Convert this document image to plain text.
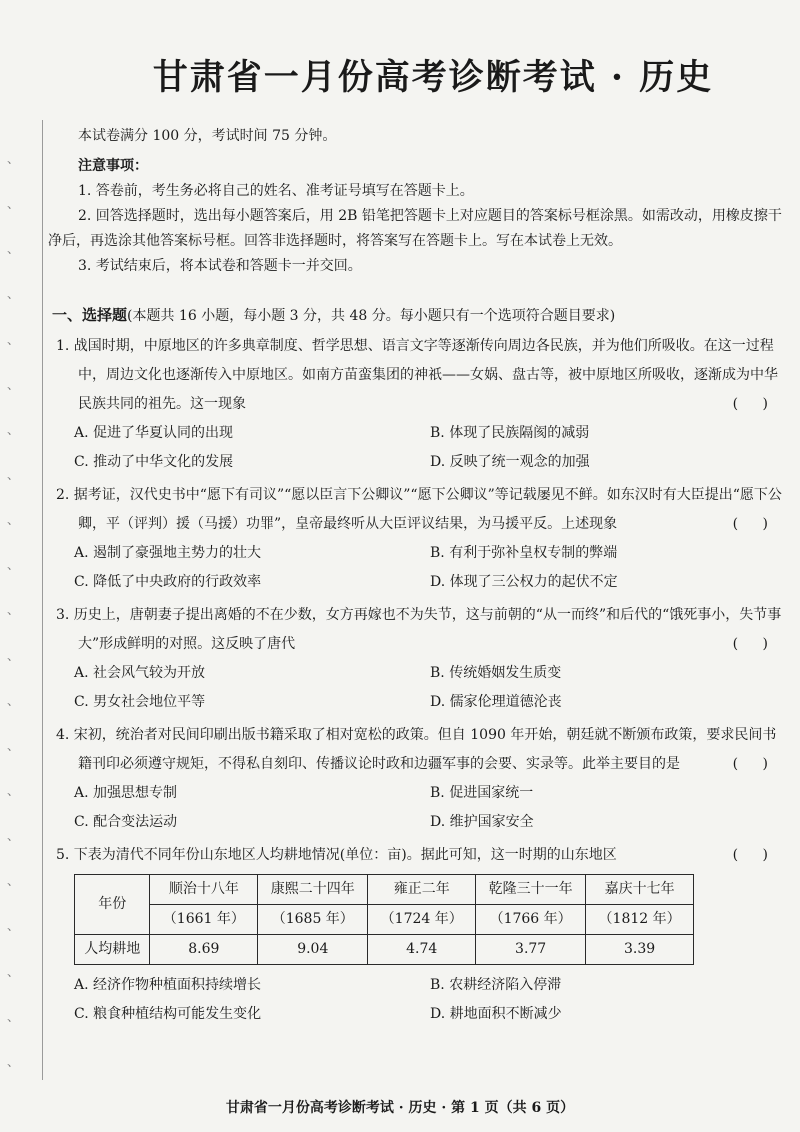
、
、
、
、
、
、
、
、
、
、
、
、
、
、
、
、
、
、
、
、
、
甘肃省一月份高考诊断考试 · 历史
本试卷满分 100 分，考试时间 75 分钟。
注意事项：
1. 答卷前，考生务必将自己的姓名、准考证号填写在答题卡上。
2. 回答选择题时，选出每小题答案后，用 2B 铅笔把答题卡上对应题目的答案标号框涂黑。如需改动，用橡皮擦干净后，再选涂其他答案标号框。回答非选择题时，将答案写在答题卡上。写在本试卷上无效。
3. 考试结束后，将本试卷和答题卡一并交回。
一、选择题(本题共 16 小题，每小题 3 分，共 48 分。每小题只有一个选项符合题目要求)
1. 战国时期，中原地区的许多典章制度、哲学思想、语言文字等逐渐传向周边各民族，并为他们所吸收。在这一过程中，周边文化也逐渐传入中原地区。如南方苗蛮集团的神祇——女娲、盘古等，被中原地区所吸收，逐渐成为中华民族共同的祖先。这一现象	( )
A. 促进了华夏认同的出现	B. 体现了民族隔阂的减弱
C. 推动了中华文化的发展	D. 反映了统一观念的加强
2. 据考证，汉代史书中“愿下有司议”“愿以臣言下公卿议”“愿下公卿议”等记载屡见不鲜。如东汉时有大臣提出“愿下公卿，平（评判）援（马援）功罪”，皇帝最终听从大臣评议结果，为马援平反。上述现象	( )
A. 遏制了豪强地主势力的壮大	B. 有利于弥补皇权专制的弊端
C. 降低了中央政府的行政效率	D. 体现了三公权力的起伏不定
3. 历史上，唐朝妻子提出离婚的不在少数，女方再嫁也不为失节，这与前朝的“从一而终”和后代的“饿死事小，失节事大”形成鲜明的对照。这反映了唐代	( )
A. 社会风气较为开放	B. 传统婚姻发生质变
C. 男女社会地位平等	D. 儒家伦理道德沦丧
4. 宋初，统治者对民间印刷出版书籍采取了相对宽松的政策。但自 1090 年开始，朝廷就不断颁布政策，要求民间书籍刊印必须遵守规矩，不得私自刻印、传播议论时政和边疆军事的会要、实录等。此举主要目的是	( )
A. 加强思想专制	B. 促进国家统一
C. 配合变法运动	D. 维护国家安全
5. 下表为清代不同年份山东地区人均耕地情况(单位：亩)。据此可知，这一时期的山东地区	( )
年份	顺治十八年	康熙二十四年	雍正二年	乾隆三十一年	嘉庆十七年
	（1661 年）	（1685 年）	（1724 年）	（1766 年）	（1812 年）
人均耕地	8.69	9.04	4.74	3.77	3.39
A. 经济作物种植面积持续增长	B. 农耕经济陷入停滞
C. 粮食种植结构可能发生变化	D. 耕地面积不断减少
甘肃省一月份高考诊断考试 · 历史 · 第 1 页（共 6 页）
